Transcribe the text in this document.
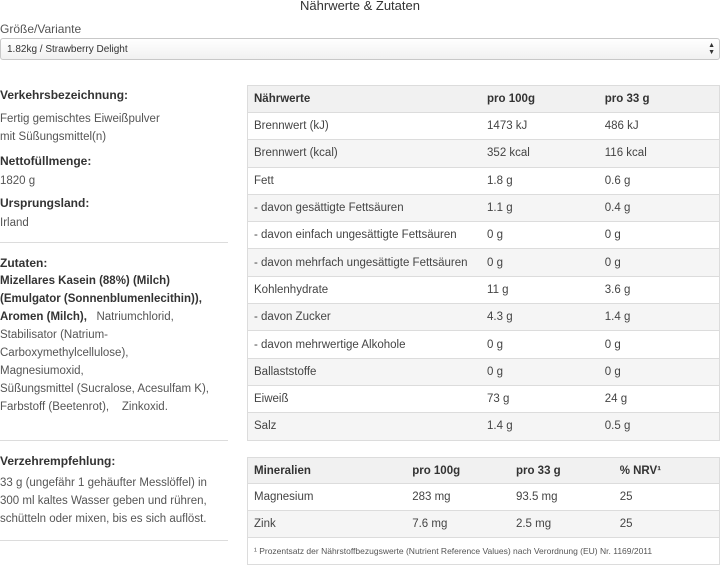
Nährwerte & Zutaten
Größe/Variante
1.82kg / Strawberry Delight	▲
▼
Verkehrsbezeichnung:
Fertig gemischtes Eiweißpulver
mit Süßungsmittel(n)
Nettofüllmenge:
1820 g
Ursprungsland:
Irland
Zutaten:
Mizellares Kasein (88%) (Milch)
(Emulgator (Sonnenblumenlecithin)),
Aromen (Milch), Natriumchlorid,
Stabilisator (Natrium-
Carboxymethylcellulose),
Magnesiumoxid,
Süßungsmittel (Sucralose, Acesulfam K),
Farbstoff (Beetenrot), Zinkoxid.
Verzehrempfehlung:
33 g (ungefähr 1 gehäufter Messlöffel) in
300 ml kaltes Wasser geben und rühren,
schütteln oder mixen, bis es sich auflöst.
Nährwerte	pro 100g	pro 33 g
Brennwert (kJ)	1473 kJ	486 kJ
Brennwert (kcal)	352 kcal	116 kcal
Fett	1.8 g	0.6 g
- davon gesättigte Fettsäuren	1.1 g	0.4 g
- davon einfach ungesättigte Fettsäuren	0 g	0 g
- davon mehrfach ungesättigte Fettsäuren	0 g	0 g
Kohlenhydrate	11 g	3.6 g
- davon Zucker	4.3 g	1.4 g
- davon mehrwertige Alkohole	0 g	0 g
Ballaststoffe	0 g	0 g
Eiweiß	73 g	24 g
Salz	1.4 g	0.5 g
Mineralien	pro 100g	pro 33 g	% NRV¹
Magnesium	283 mg	93.5 mg	25
Zink	7.6 mg	2.5 mg	25
¹ Prozentsatz der Nährstoffbezugswerte (Nutrient Reference Values) nach Verordnung (EU) Nr. 1169/2011			
